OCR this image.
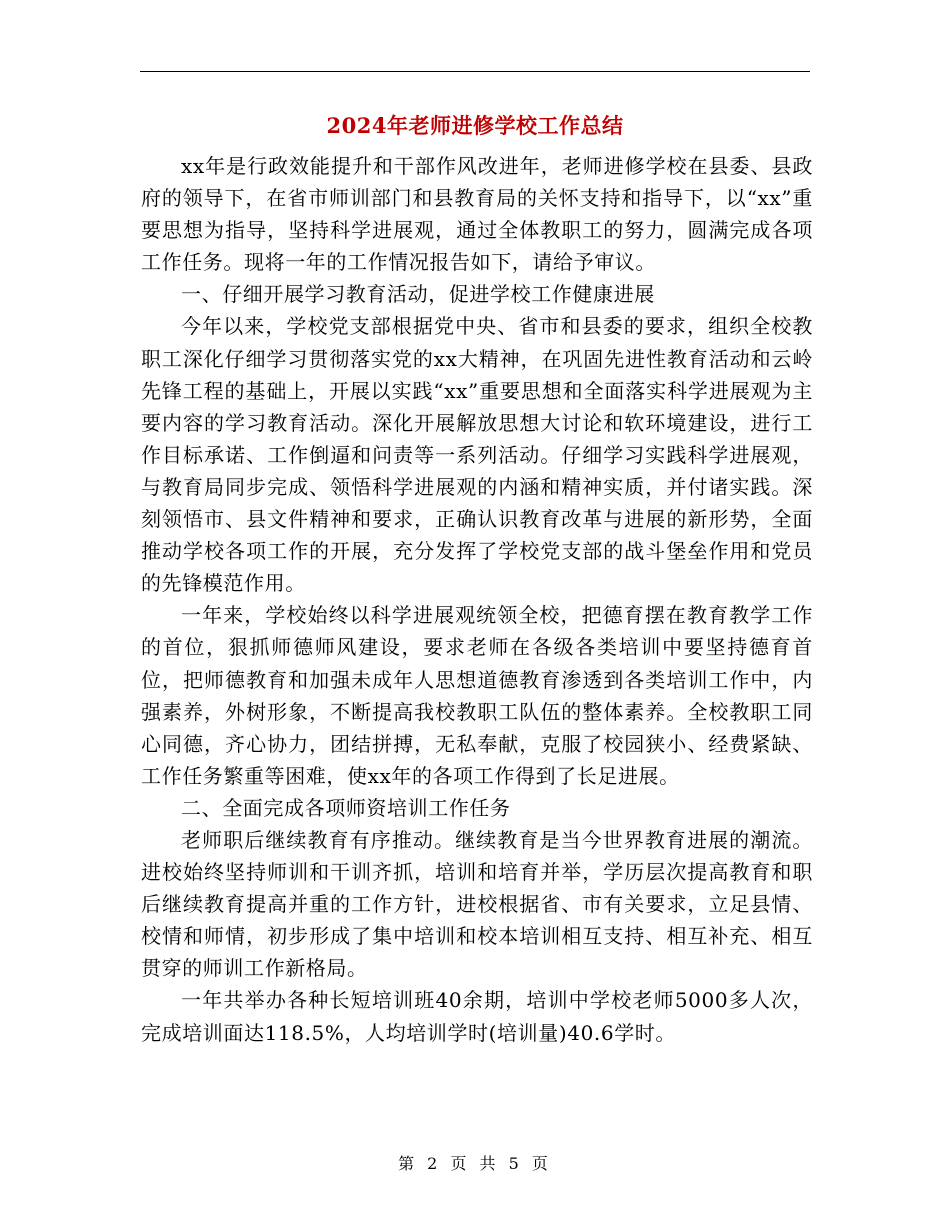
2024年老师进修学校工作总结

xx年是行政效能提升和干部作风改进年，老师进修学校在县委、县政府的领导下，在省市师训部门和县教育局的关怀支持和指导下，以“xx”重要思想为指导，坚持科学进展观，通过全体教职工的努力，圆满完成各项工作任务。现将一年的工作情况报告如下，请给予审议。

一、仔细开展学习教育活动，促进学校工作健康进展

今年以来，学校党支部根据党中央、省市和县委的要求，组织全校教职工深化仔细学习贯彻落实党的xx大精神，在巩固先进性教育活动和云岭先锋工程的基础上，开展以实践“xx”重要思想和全面落实科学进展观为主要内容的学习教育活动。深化开展解放思想大讨论和软环境建设，进行工作目标承诺、工作倒逼和问责等一系列活动。仔细学习实践科学进展观，与教育局同步完成、领悟科学进展观的内涵和精神实质，并付诸实践。深刻领悟市、县文件精神和要求，正确认识教育改革与进展的新形势，全面推动学校各项工作的开展，充分发挥了学校党支部的战斗堡垒作用和党员的先锋模范作用。

一年来，学校始终以科学进展观统领全校，把德育摆在教育教学工作的首位，狠抓师德师风建设，要求老师在各级各类培训中要坚持德育首位，把师德教育和加强未成年人思想道德教育渗透到各类培训工作中，内强素养，外树形象，不断提高我校教职工队伍的整体素养。全校教职工同心同德，齐心协力，团结拼搏，无私奉献，克服了校园狭小、经费紧缺、工作任务繁重等困难，使xx年的各项工作得到了长足进展。

二、全面完成各项师资培训工作任务

老师职后继续教育有序推动。继续教育是当今世界教育进展的潮流。进校始终坚持师训和干训齐抓，培训和培育并举，学历层次提高教育和职后继续教育提高并重的工作方针，进校根据省、市有关要求，立足县情、校情和师情，初步形成了集中培训和校本培训相互支持、相互补充、相互贯穿的师训工作新格局。

一年共举办各种长短培训班40余期，培训中学校老师5000多人次，完成培训面达118.5%，人均培训学时(培训量)40.6学时。

第 2 页 共 5 页
